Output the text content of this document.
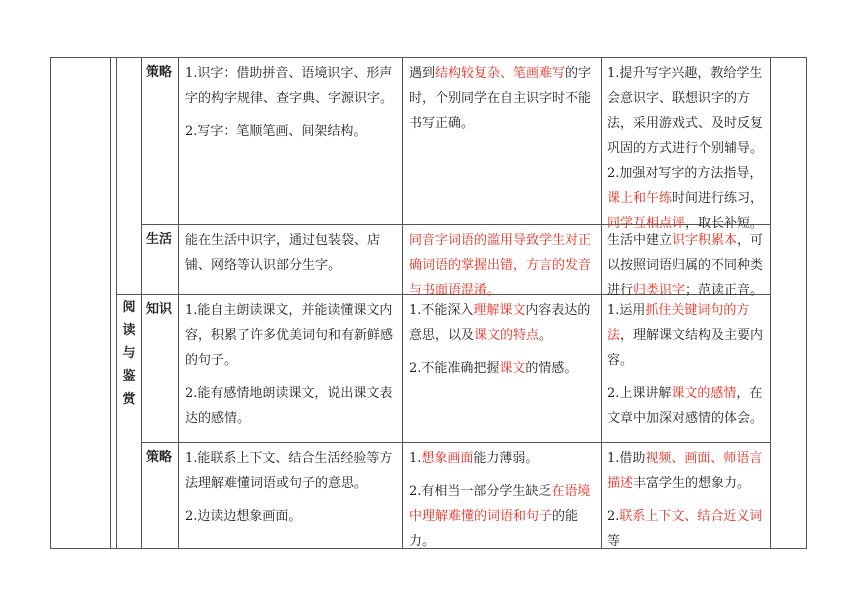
阅
读
与
鉴
赏
策略 1.识字：借助拼音、语境识字、形声字的构字规律、查字典、字源识字。

2.写字：笔顺笔画、间架结构。

遇到结构较复杂、笔画难写的字时，个别同学在自主识字时不能书写正确。

1.提升写字兴趣，教给学生会意识字、联想识字的方法，采用游戏式、及时反复巩固的方式进行个别辅导。2.加强对写字的方法指导，课上和午练时间进行练习，同学互相点评，取长补短。

生活 能在生活中识字，通过包装袋、店铺、网络等认识部分生字。

同音字词语的滥用导致学生对正确词语的掌握出错，方言的发音与书面语混淆。

生活中建立识字积累本，可以按照词语归属的不同种类进行归类识字；范读正音。

知识 1.能自主朗读课文，并能读懂课文内容，积累了许多优美词句和有新鲜感的句子。

2.能有感情地朗读课文，说出课文表达的感情。

1.不能深入理解课文内容表达的意思，以及课文的特点。

2.不能准确把握课文的情感。

1.运用抓住关键词句的方法，理解课文结构及主要内容。

2.上课讲解课文的感情，在文章中加深对感情的体会。

策略 1.能联系上下文、结合生活经验等方法理解难懂词语或句子的意思。

2.边读边想象画面。

1.想象画面能力薄弱。

2.有相当一部分学生缺乏在语境中理解难懂的词语和句子的能力。

1.借助视频、画面、师语言描述丰富学生的想象力。

2.联系上下文、结合近义词等
